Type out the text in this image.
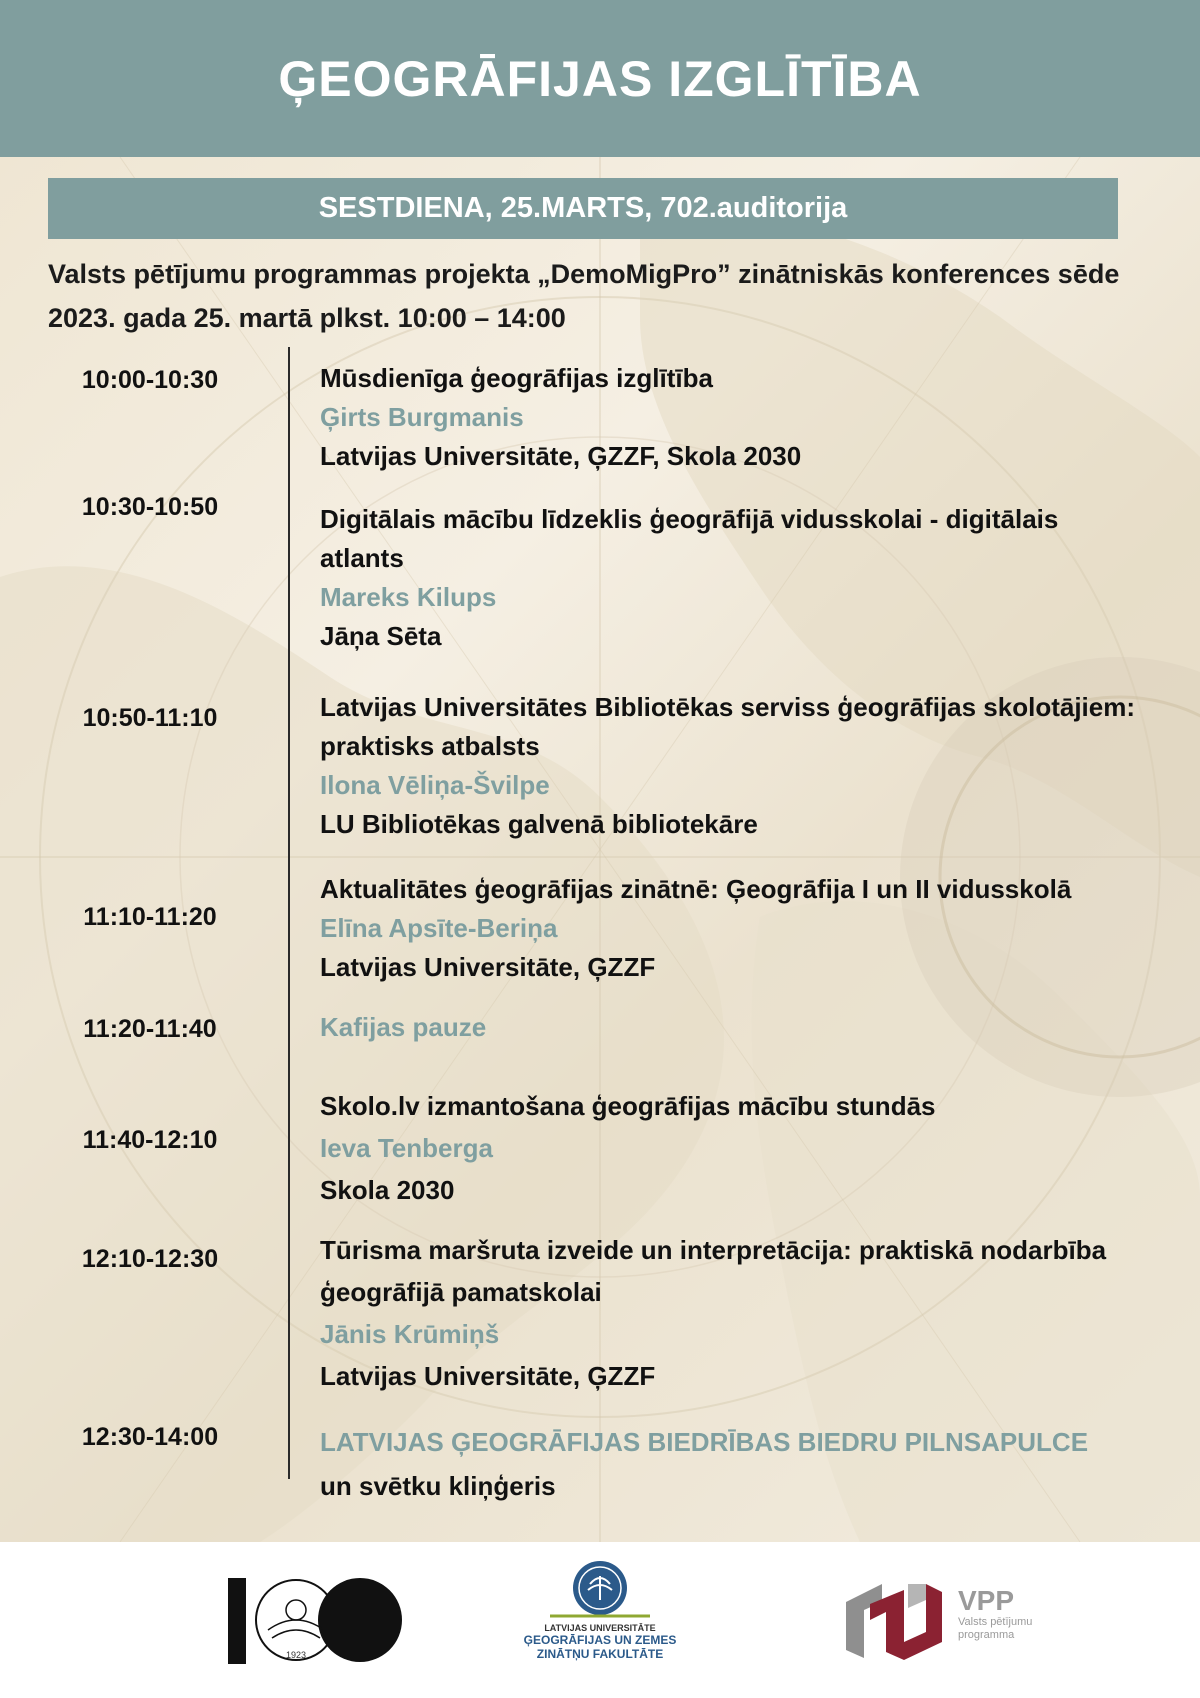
ĢEOGRĀFIJAS IZGLĪTĪBA
SESTDIENA, 25.MARTS, 702.auditorija
Valsts pētījumu programmas projekta „DemoMigPro” zinātniskās konferences sēde
2023. gada 25. martā plkst. 10:00 – 14:00
10:00-10:30
10:30-10:50
10:50-11:10
11:10-11:20
11:20-11:40
11:40-12:10
12:10-12:30
12:30-14:00
Mūsdienīga ģeogrāfijas izglītība
Ģirts Burgmanis
Latvijas Universitāte, ĢZZF, Skola 2030
Digitālais mācību līdzeklis ģeogrāfijā vidusskolai - digitālais
atlants
Mareks Kilups
Jāņa Sēta
Latvijas Universitātes Bibliotēkas serviss ģeogrāfijas skolotājiem:
praktisks atbalsts
Ilona Vēliņa-Švilpe
LU Bibliotēkas galvenā bibliotekāre
Aktualitātes ģeogrāfijas zinātnē: Ģeogrāfija I un II vidusskolā
Elīna Apsīte-Beriņa
Latvijas Universitāte, ĢZZF
Kafijas pauze
Skolo.lv izmantošana ģeogrāfijas mācību stundās
Ieva Tenberga
Skola 2030
Tūrisma maršruta izveide un interpretācija: praktiskā nodarbība
ģeogrāfijā pamatskolai
Jānis Krūmiņš
Latvijas Universitāte, ĢZZF
LATVIJAS ĢEOGRĀFIJAS BIEDRĪBAS BIEDRU PILNSAPULCE
un svētku kliņģeris
1923
LATVIJAS UNIVERSITĀTE
ĢEOGRĀFIJAS UN ZEMES
ZINĀTŅU FAKULTĀTE
VPP
Valsts pētījumu
programma
